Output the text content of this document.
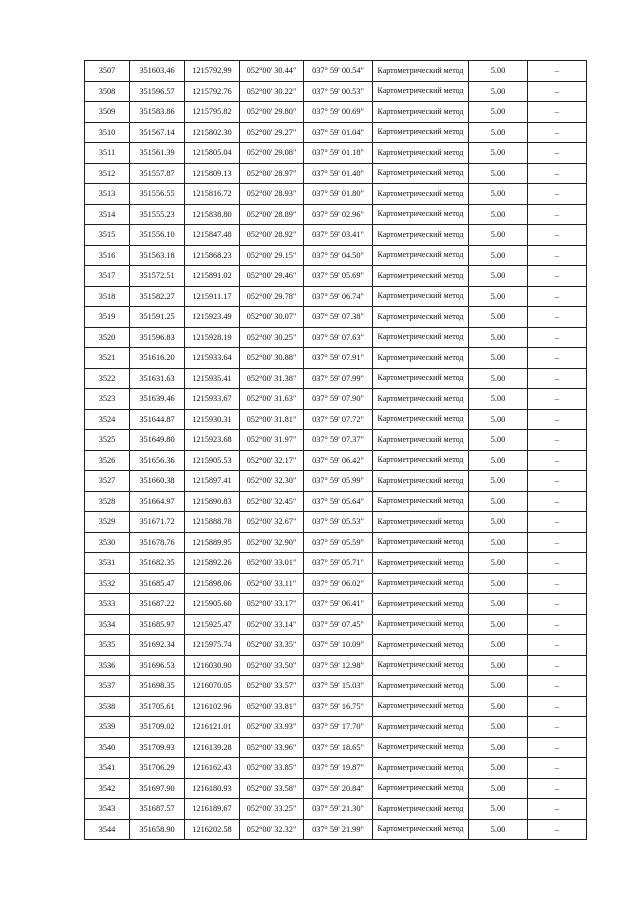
3507	351603.46	1215792.99	052°00' 30.44"	037° 59' 00.54"	Картометрический метод	5.00	–
3508	351596.57	1215792.76	052°00' 30.22"	037° 59' 00.53"	Картометрический метод	5.00	–
3509	351583.86	1215795.82	052°00' 29.80"	037° 59' 00.69"	Картометрический метод	5.00	–
3510	351567.14	1215802.30	052°00' 29.27"	037° 59' 01.04"	Картометрический метод	5.00	–
3511	351561.39	1215805.04	052°00' 29.08"	037° 59' 01.18"	Картометрический метод	5.00	–
3512	351557.87	1215809.13	052°00' 28.97"	037° 59' 01.40"	Картометрический метод	5.00	–
3513	351556.55	1215816.72	052°00' 28.93"	037° 59' 01.80"	Картометрический метод	5.00	–
3514	351555.23	1215838.80	052°00' 28.89"	037° 59' 02.96"	Картометрический метод	5.00	–
3515	351556.10	1215847.48	052°00' 28.92"	037° 59' 03.41"	Картометрический метод	5.00	–
3516	351563.18	1215868.23	052°00' 29.15"	037° 59' 04.50"	Картометрический метод	5.00	–
3517	351572.51	1215891.02	052°00' 29.46"	037° 59' 05.69"	Картометрический метод	5.00	–
3518	351582.27	1215911.17	052°00' 29.78"	037° 59' 06.74"	Картометрический метод	5.00	–
3519	351591.25	1215923.49	052°00' 30.07"	037° 59' 07.38"	Картометрический метод	5.00	–
3520	351596.83	1215928.19	052°00' 30.25"	037° 59' 07.63"	Картометрический метод	5.00	–
3521	351616.20	1215933.64	052°00' 30.88"	037° 59' 07.91"	Картометрический метод	5.00	–
3522	351631.63	1215935.41	052°00' 31.38"	037° 59' 07.99"	Картометрический метод	5.00	–
3523	351639.46	1215933.67	052°00' 31.63"	037° 59' 07.90"	Картометрический метод	5.00	–
3524	351644.87	1215930.31	052°00' 31.81"	037° 59' 07.72"	Картометрический метод	5.00	–
3525	351649.80	1215923.68	052°00' 31.97"	037° 59' 07.37"	Картометрический метод	5.00	–
3526	351656.36	1215905.53	052°00' 32.17"	037° 59' 06.42"	Картометрический метод	5.00	–
3527	351660.38	1215897.41	052°00' 32.30"	037° 59' 05.99"	Картометрический метод	5.00	–
3528	351664.97	1215890.83	052°00' 32.45"	037° 59' 05.64"	Картометрический метод	5.00	–
3529	351671.72	1215888.78	052°00' 32.67"	037° 59' 05.53"	Картометрический метод	5.00	–
3530	351678.76	1215889.95	052°00' 32.90"	037° 59' 05.59"	Картометрический метод	5.00	–
3531	351682.35	1215892.26	052°00' 33.01"	037° 59' 05.71"	Картометрический метод	5.00	–
3532	351685.47	1215898.06	052°00' 33.11"	037° 59' 06.02"	Картометрический метод	5.00	–
3533	351687.22	1215905.60	052°00' 33.17"	037° 59' 06.41"	Картометрический метод	5.00	–
3534	351685.97	1215925.47	052°00' 33.14"	037° 59' 07.45"	Картометрический метод	5.00	–
3535	351692.34	1215975.74	052°00' 33.35"	037° 59' 10.09"	Картометрический метод	5.00	–
3536	351696.53	1216030.90	052°00' 33.50"	037° 59' 12.98"	Картометрический метод	5.00	–
3537	351698.35	1216070.05	052°00' 33.57"	037° 59' 15.03"	Картометрический метод	5.00	–
3538	351705.61	1216102.96	052°00' 33.81"	037° 59' 16.75"	Картометрический метод	5.00	–
3539	351709.02	1216121.01	052°00' 33.93"	037° 59' 17.70"	Картометрический метод	5.00	–
3540	351709.93	1216139.28	052°00' 33.96"	037° 59' 18.65"	Картометрический метод	5.00	–
3541	351706.29	1216162.43	052°00' 33.85"	037° 59' 19.87"	Картометрический метод	5.00	–
3542	351697.90	1216180.93	052°00' 33.58"	037° 59' 20.84"	Картометрический метод	5.00	–
3543	351687.57	1216189.67	052°00' 33.25"	037° 59' 21.30"	Картометрический метод	5.00	–
3544	351658.90	1216202.58	052°00' 32.32"	037° 59' 21.99"	Картометрический метод	5.00	–
